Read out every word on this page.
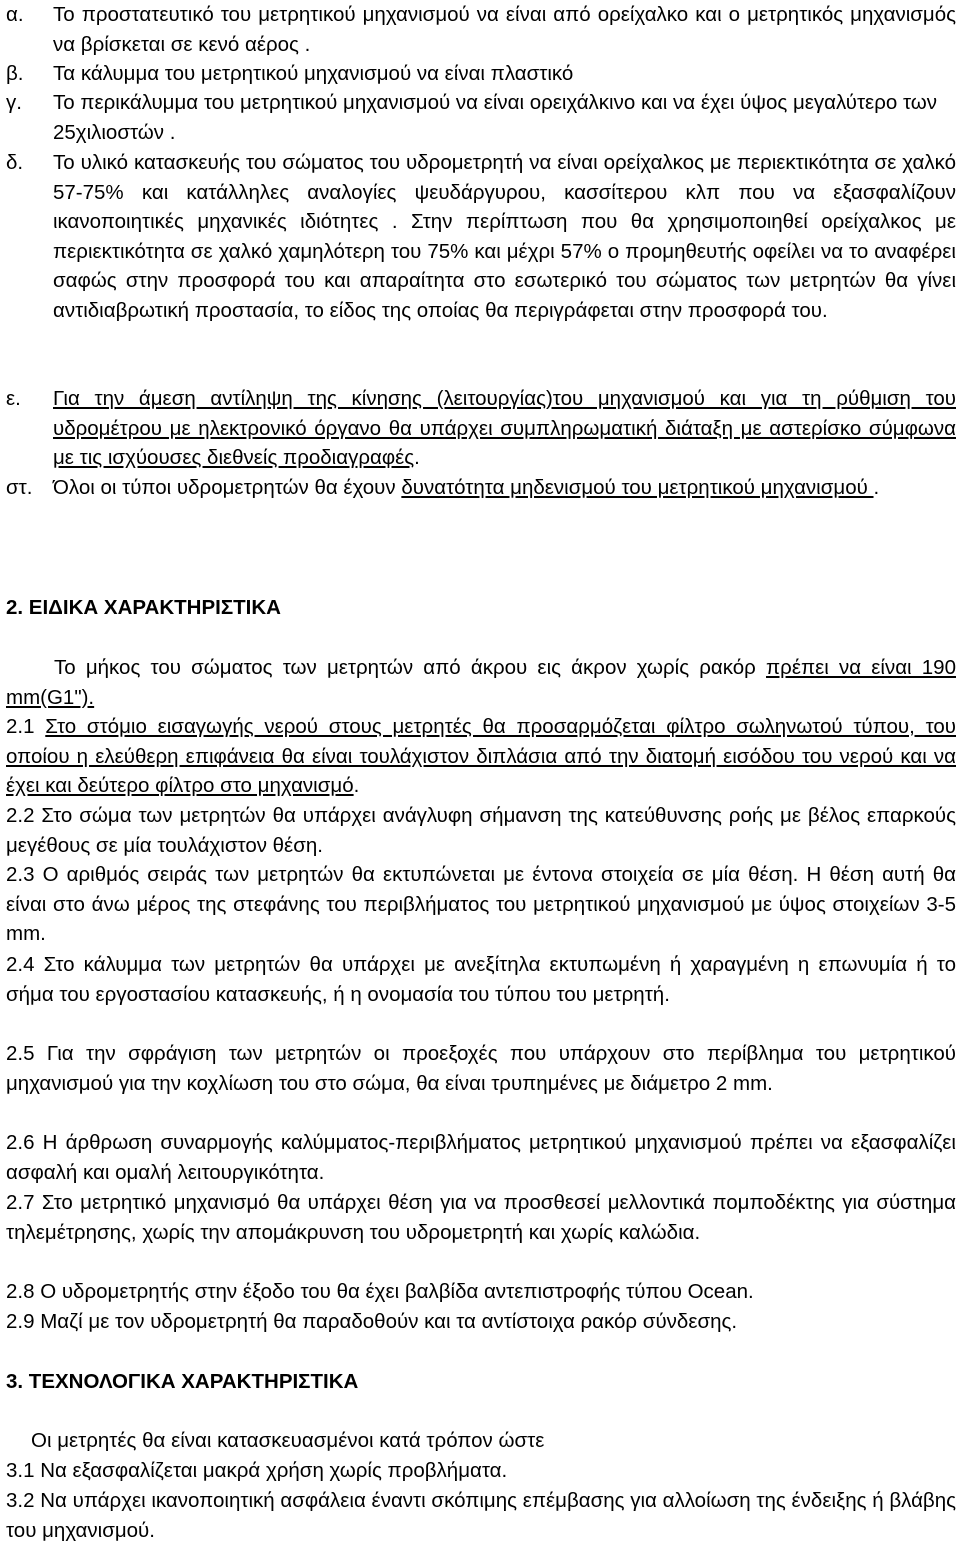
α.	Το προστατευτικό του μετρητικού μηχανισμού να είναι από ορείχαλκο και ο μετρητικός μηχανισμός να βρίσκεται σε κενό αέρος .
β.	Τα κάλυμμα του μετρητικού μηχανισμού να είναι πλαστικό
γ.	Το περικάλυμμα του μετρητικού μηχανισμού να είναι ορειχάλκινο και να έχει ύψος μεγαλύτερο των 25χιλιοστών .
δ.	Το υλικό κατασκευής του σώματος του υδρομετρητή να είναι ορείχαλκος με περιεκτικότητα σε χαλκό 57-75% και κατάλληλες αναλογίες ψευδάργυρου, κασσίτερου κλπ που να εξασφαλίζουν ικανοποιητικές μηχανικές ιδιότητες . Στην περίπτωση που θα χρησιμοποιηθεί ορείχαλκος με περιεκτικότητα σε χαλκό χαμηλότερη του 75% και μέχρι 57% ο προμηθευτής οφείλει να το αναφέρει σαφώς στην προσφορά του και απαραίτητα στο εσωτερικό του σώματος των μετρητών θα γίνει αντιδιαβρωτική προστασία, το είδος της οποίας θα περιγράφεται στην προσφορά του.
ε.	Για την άμεση αντίληψη της κίνησης (λειτουργίας)του μηχανισμού και για τη ρύθμιση του υδρομέτρου με ηλεκτρονικό όργανο θα υπάρχει συμπληρωματική διάταξη με αστερίσκο σύμφωνα με τις ισχύουσες διεθνείς προδιαγραφές.
στ.	Όλοι οι τύποι υδρομετρητών θα έχουν δυνατότητα μηδενισμού του μετρητικού μηχανισμού .
2. ΕΙΔΙΚΑ ΧΑΡΑΚΤΗΡΙΣΤΙΚΑ
Το μήκος του σώματος των μετρητών από άκρου εις άκρον χωρίς ρακόρ πρέπει να είναι 190 mm(G1").
2.1 Στο στόμιο εισαγωγής νερού στους μετρητές θα προσαρμόζεται φίλτρο σωληνωτού τύπου, του οποίου η ελεύθερη επιφάνεια θα είναι τουλάχιστον διπλάσια από την διατομή εισόδου του νερού και να έχει και δεύτερο φίλτρο στο μηχανισμό.
2.2 Στο σώμα των μετρητών θα υπάρχει ανάγλυφη σήμανση της κατεύθυνσης ροής με βέλος επαρκούς μεγέθους σε μία τουλάχιστον θέση.
2.3 Ο αριθμός σειράς των μετρητών θα εκτυπώνεται με έντονα στοιχεία σε μία θέση. Η θέση αυτή θα είναι στο άνω μέρος της στεφάνης του περιβλήματος του μετρητικού μηχανισμού με ύψος στοιχείων 3-5 mm.
2.4 Στο κάλυμμα των μετρητών θα υπάρχει με ανεξίτηλα εκτυπωμένη ή χαραγμένη η επωνυμία ή το σήμα του εργοστασίου κατασκευής, ή η ονομασία του τύπου του μετρητή.
2.5 Για την σφράγιση των μετρητών οι προεξοχές που υπάρχουν στο περίβλημα του μετρητικού μηχανισμού για την κοχλίωση του στο σώμα, θα είναι τρυπημένες με διάμετρο 2 mm.
2.6 Η άρθρωση συναρμογής καλύμματος-περιβλήματος μετρητικού μηχανισμού πρέπει να εξασφαλίζει ασφαλή και ομαλή λειτουργικότητα.
2.7 Στο μετρητικό μηχανισμό θα υπάρχει θέση για να προσθεσεί μελλοντικά πομποδέκτης για σύστημα τηλεμέτρησης, χωρίς την απομάκρυνση του υδρομετρητή και χωρίς καλώδια.
2.8 Ο υδρομετρητής στην έξοδο του θα έχει βαλβίδα αντεπιστροφής τύπου Ocean.
2.9 Μαζί με τον υδρομετρητή θα παραδοθούν και τα αντίστοιχα ρακόρ σύνδεσης.
3. ΤΕΧΝΟΛΟΓΙΚΑ ΧΑΡΑΚΤΗΡΙΣΤΙΚΑ
Οι μετρητές θα είναι κατασκευασμένοι κατά τρόπον ώστε
3.1 Να εξασφαλίζεται μακρά χρήση χωρίς προβλήματα.
3.2 Να υπάρχει ικανοποιητική ασφάλεια έναντι σκόπιμης επέμβασης για αλλοίωση της ένδειξης ή βλάβης του μηχανισμού.
